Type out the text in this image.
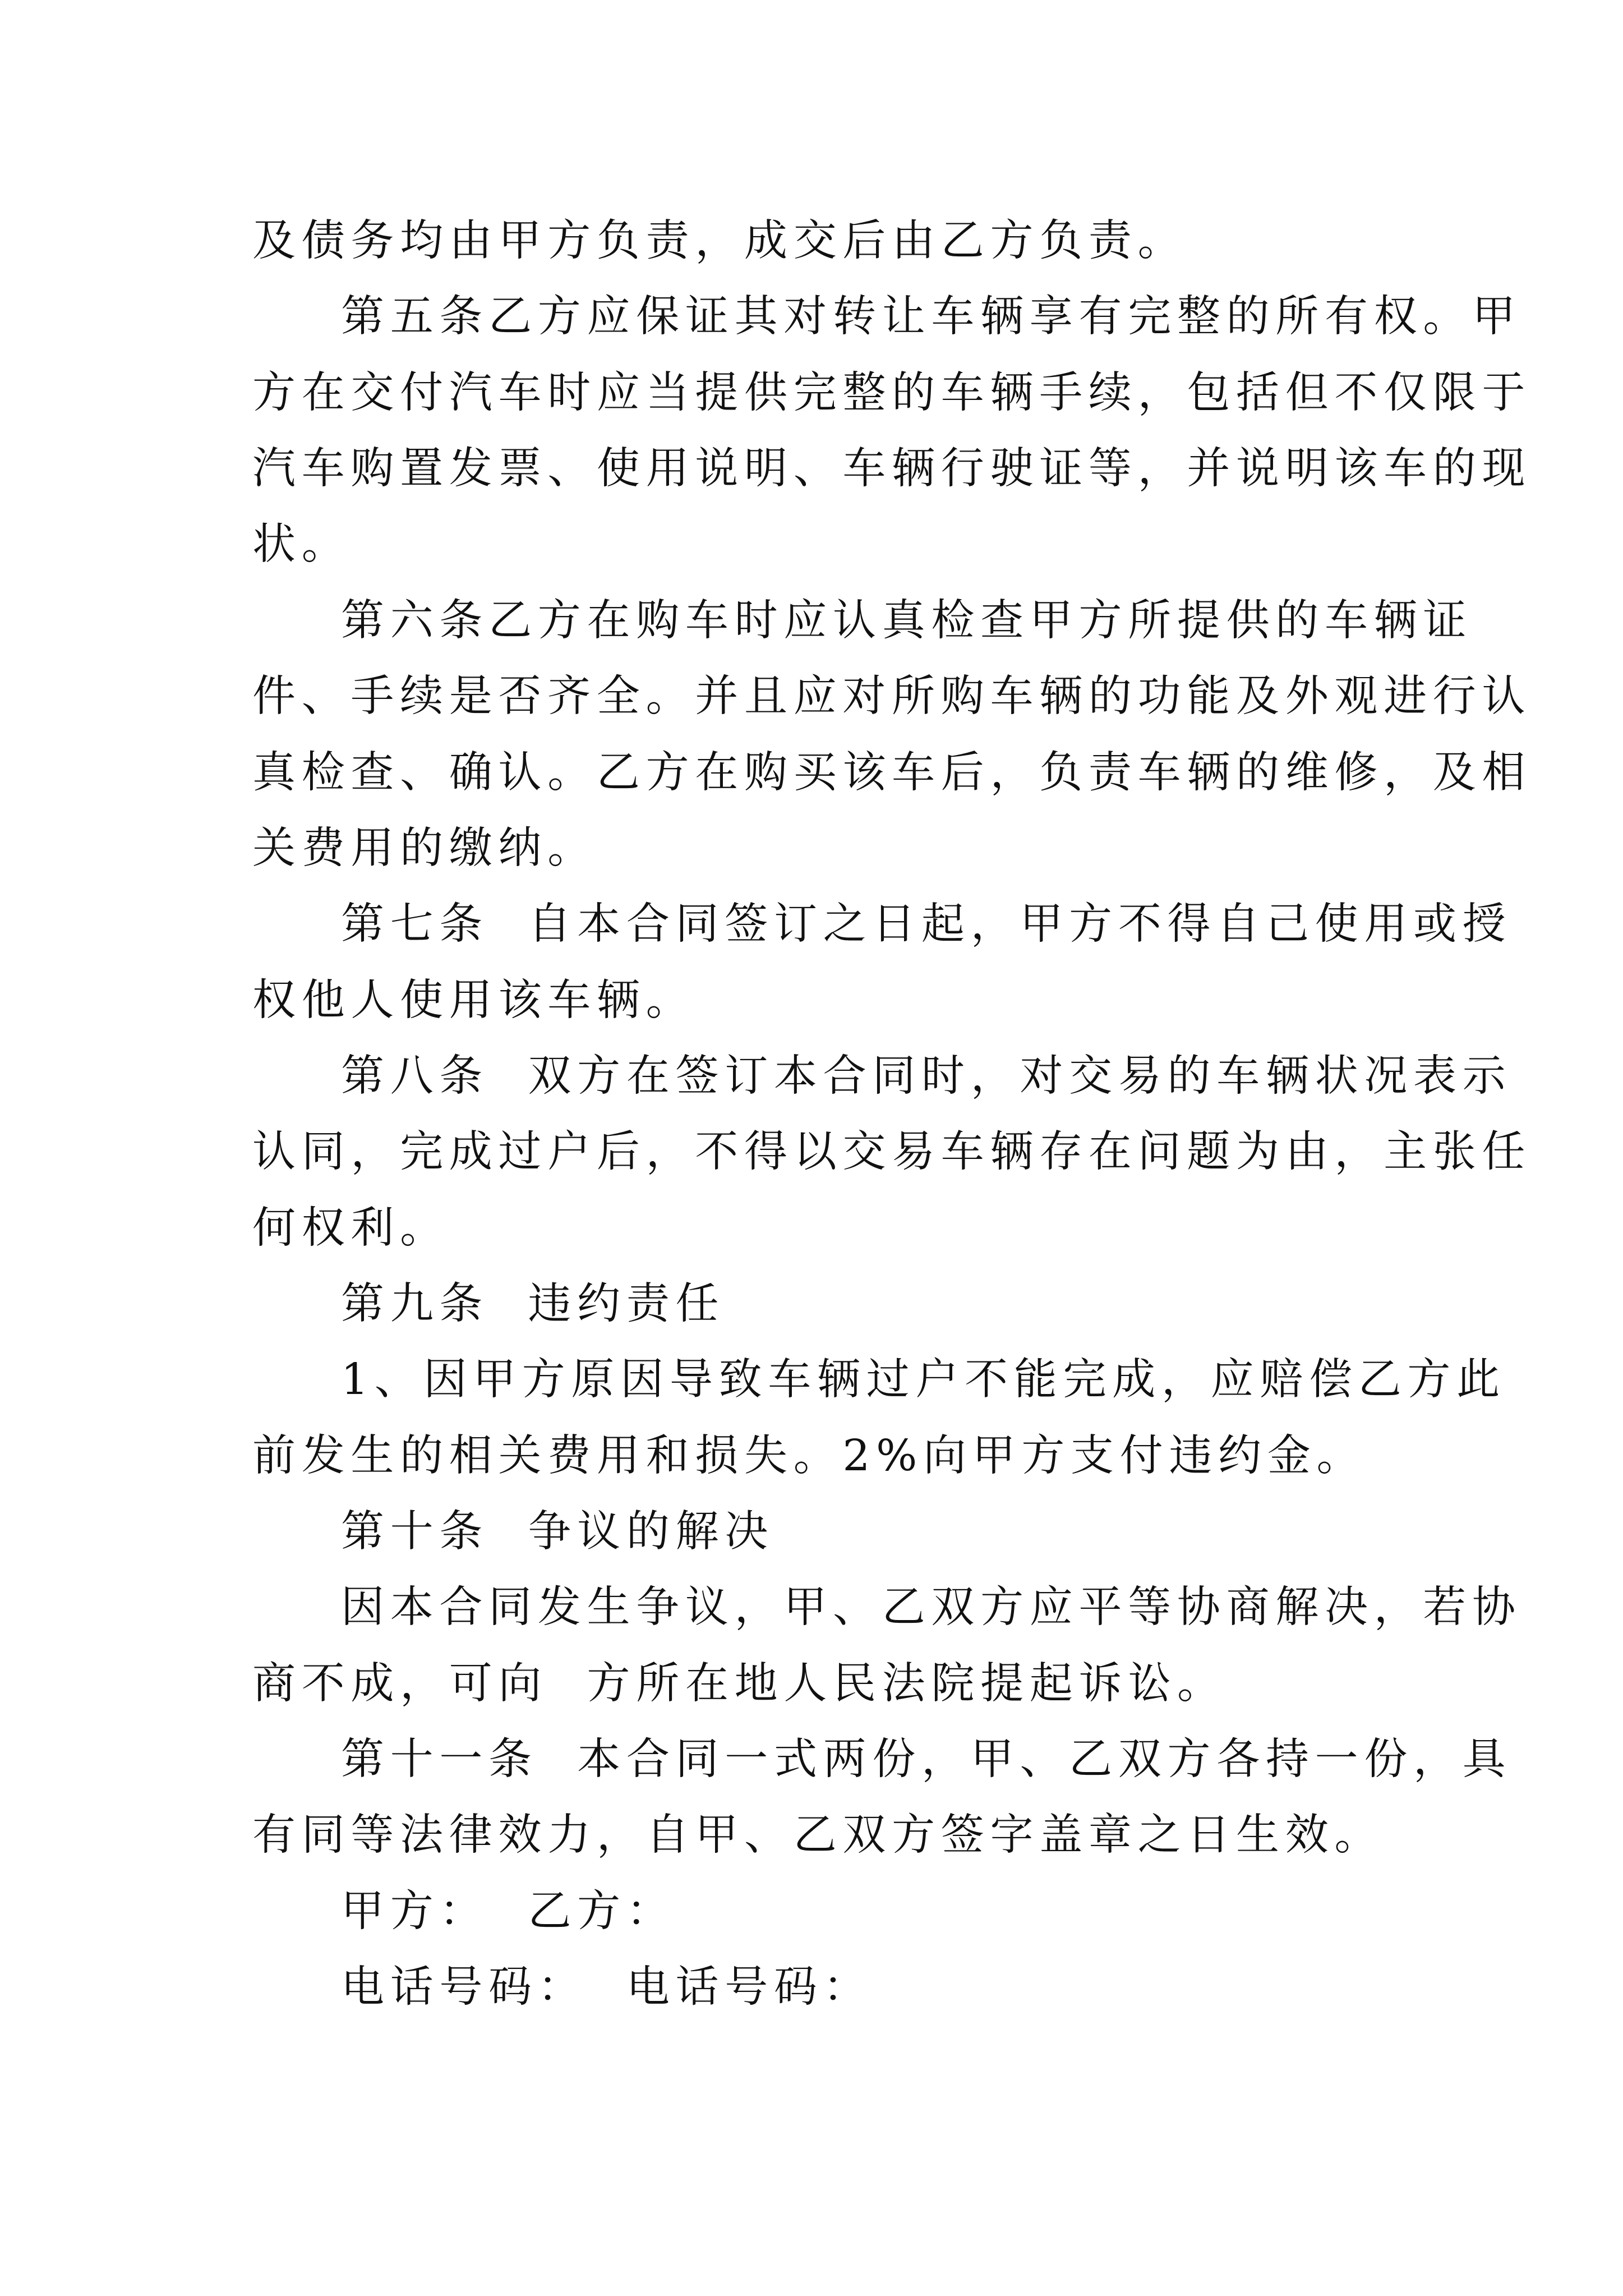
及债务均由甲方负责，成交后由乙方负责。
第五条乙方应保证其对转让车辆享有完整的所有权。甲
方在交付汽车时应当提供完整的车辆手续，包括但不仅限于
汽车购置发票、使用说明、车辆行驶证等，并说明该车的现
状。
第六条乙方在购车时应认真检查甲方所提供的车辆证
件、手续是否齐全。并且应对所购车辆的功能及外观进行认
真检查、确认。乙方在购买该车后，负责车辆的维修，及相
关费用的缴纳。
第七条  自本合同签订之日起，甲方不得自己使用或授
权他人使用该车辆。
第八条  双方在签订本合同时，对交易的车辆状况表示
认同，完成过户后，不得以交易车辆存在问题为由，主张任
何权利。
第九条  违约责任
1、因甲方原因导致车辆过户不能完成，应赔偿乙方此
前发生的相关费用和损失。2%向甲方支付违约金。
第十条  争议的解决
因本合同发生争议，甲、乙双方应平等协商解决，若协
商不成，可向  方所在地人民法院提起诉讼。
第十一条  本合同一式两份，甲、乙双方各持一份，具
有同等法律效力，自甲、乙双方签字盖章之日生效。
甲方：  乙方：
电话号码：  电话号码：
